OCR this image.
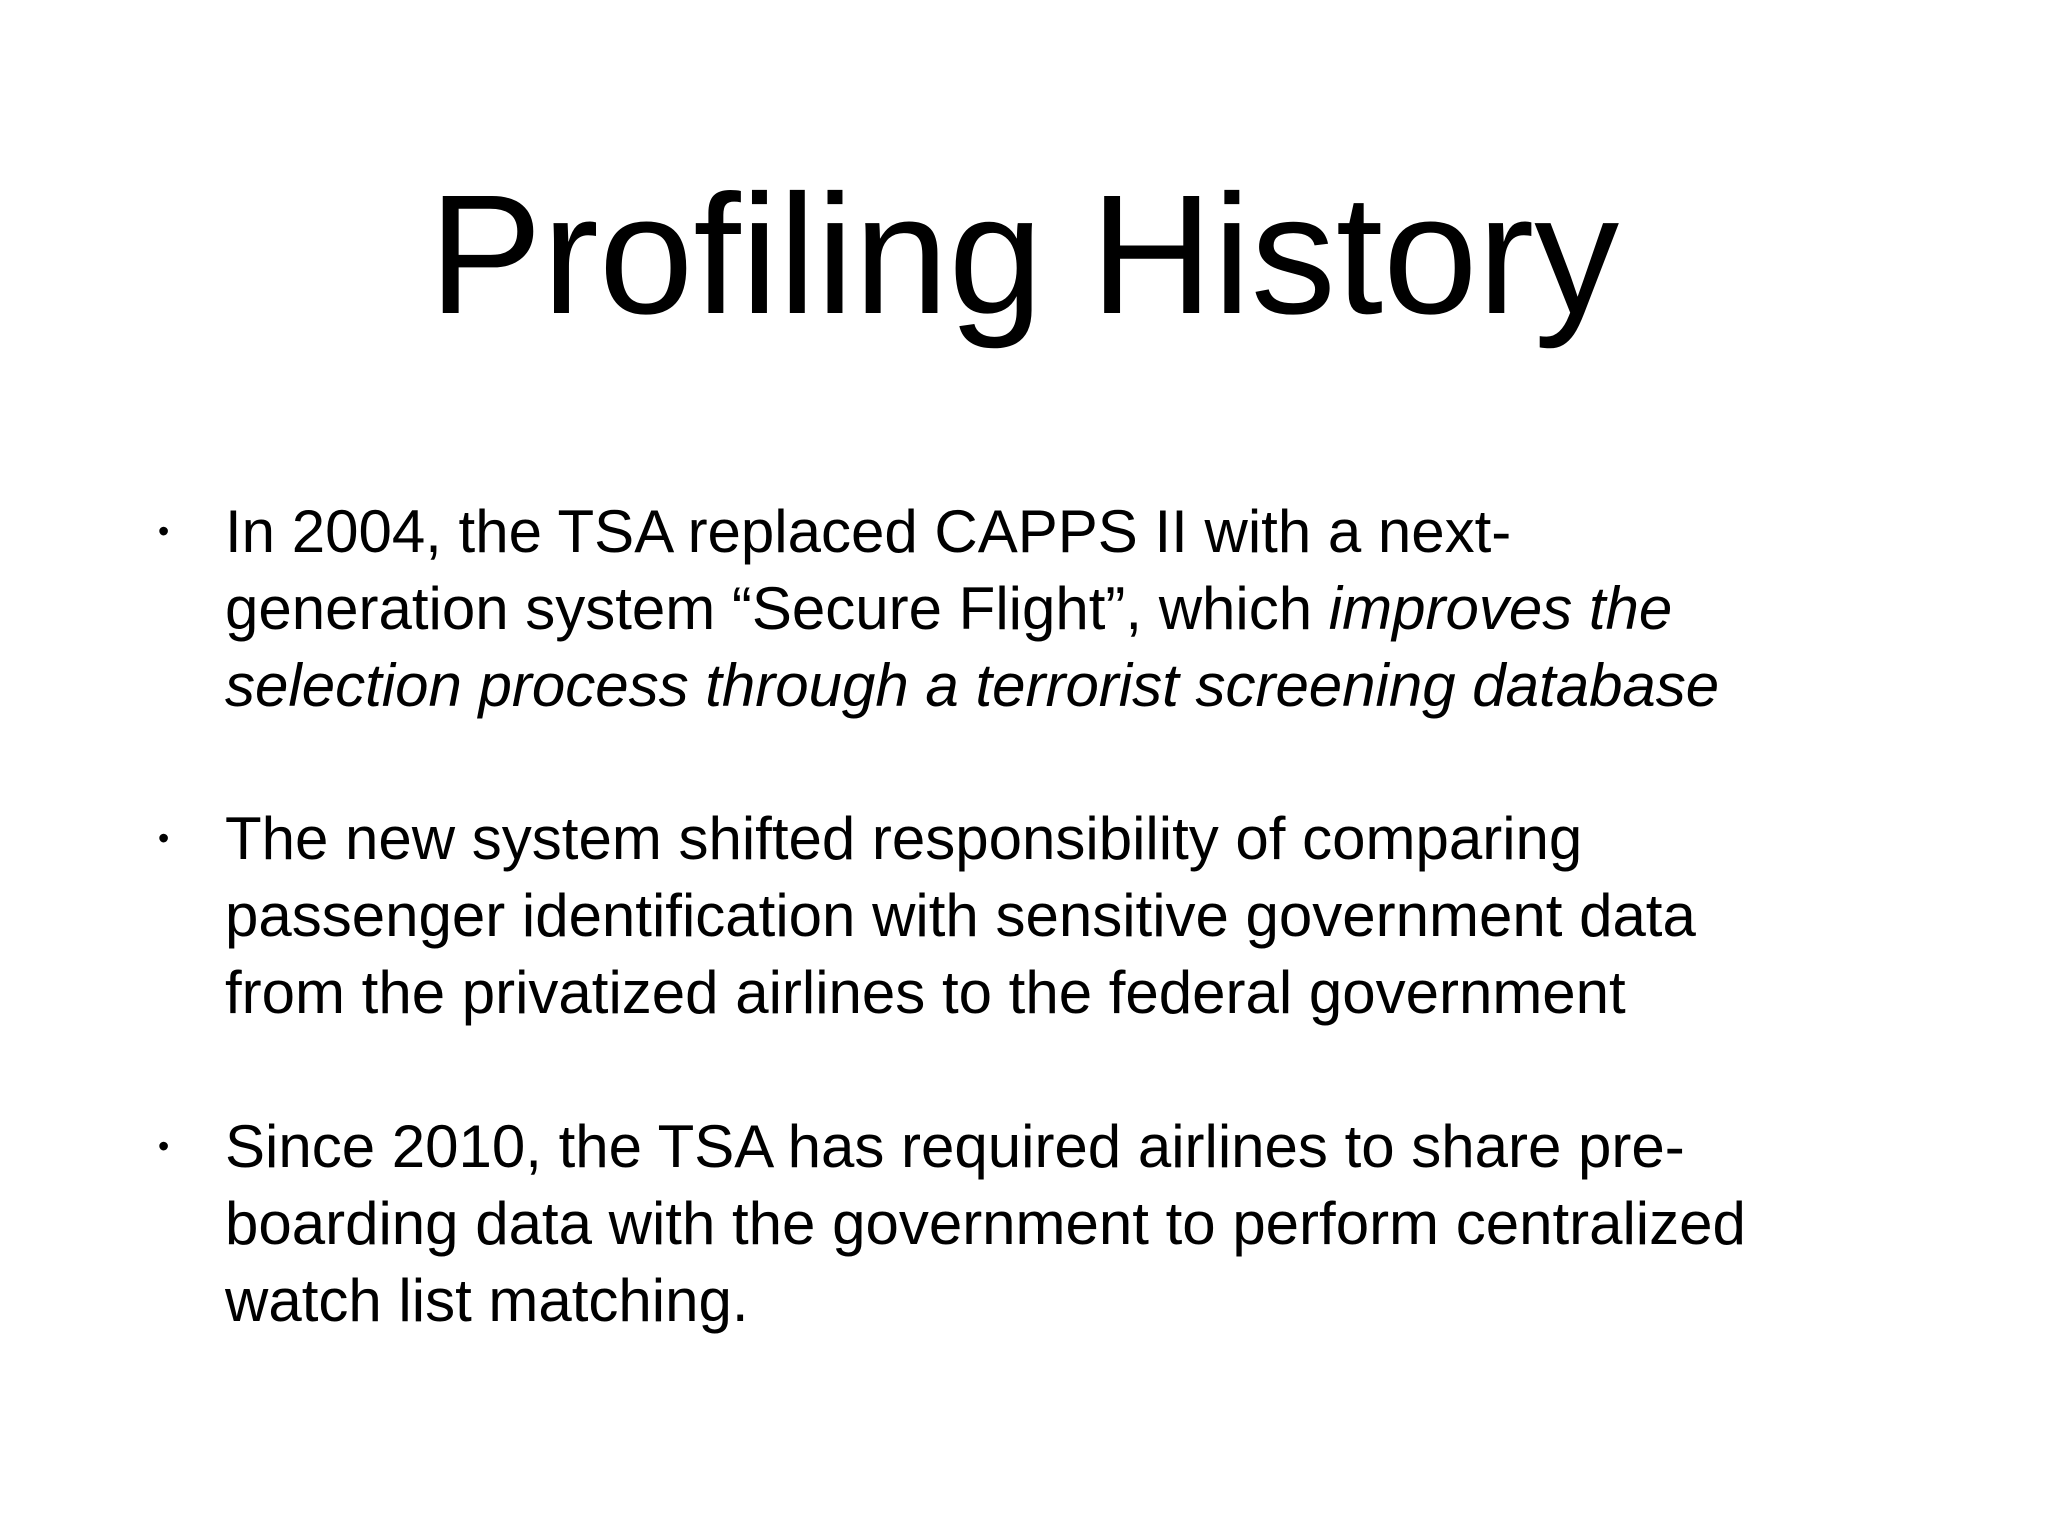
Profiling History
• In 2004, the TSA replaced CAPPS II with a next-
generation system “Secure Flight”, which improves the
selection process through a terrorist screening database
• The new system shifted responsibility of comparing
passenger identification with sensitive government data
from the privatized airlines to the federal government
• Since 2010, the TSA has required airlines to share pre-
boarding data with the government to perform centralized
watch list matching.
